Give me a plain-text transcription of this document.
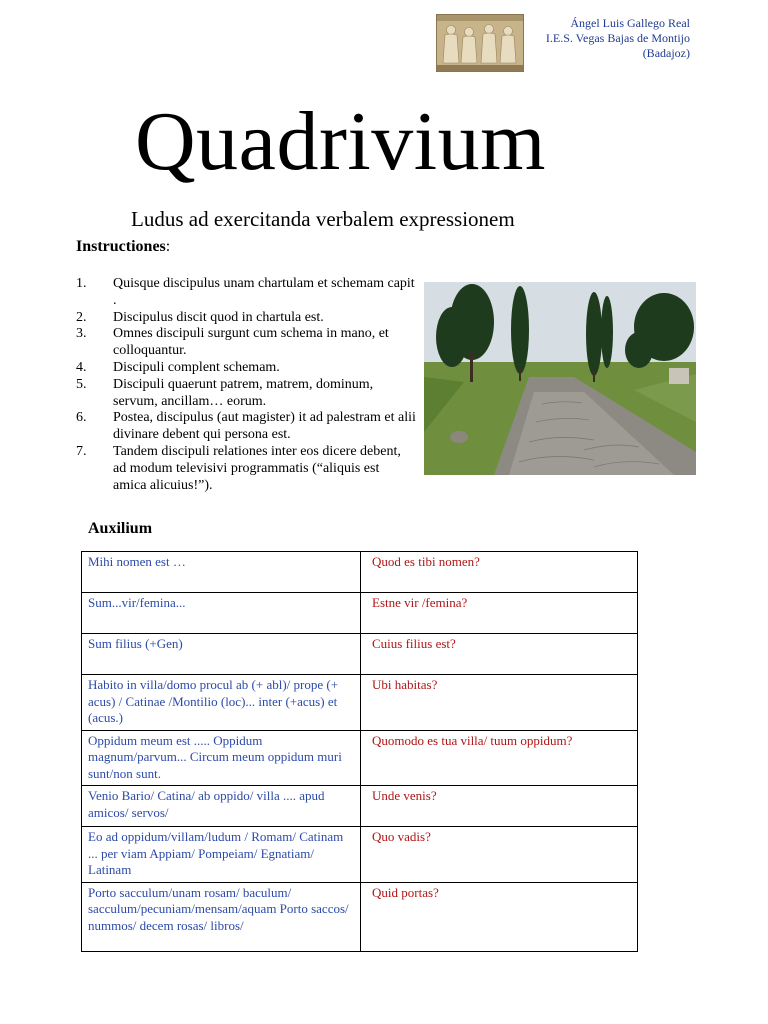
Ángel Luis Gallego Real
I.E.S. Vegas Bajas de Montijo
(Badajoz)
Quadrivium
Ludus ad exercitanda verbalem expressionem
Instructiones:
1.	Quisque discipulus unam chartulam et schemam capit .
2.	Discipulus discit quod in chartula est.
3.	Omnes discipuli surgunt cum schema in mano, et colloquantur.
4.	Discipuli complent schemam.
5.	Discipuli quaerunt patrem, matrem, dominum, servum, ancillam… eorum.
6.	Postea, discipulus (aut magister) it ad palestram et alii divinare debent qui persona est.
7.	Tandem discipuli relationes inter eos dicere debent, ad modum televisivi programmatis (“aliquis est amica alicuius!”).
Auxilium
Mihi nomen est …	Quod es tibi nomen?
Sum...vir/femina...	Estne vir /femina?
Sum filius (+Gen)	Cuius filius est?
Habito in villa/domo procul ab (+ abl)/ prope (+ acus) / Catinae /Montilio (loc)... inter (+acus) et (acus.)	Ubi habitas?
Oppidum meum est ..... Oppidum magnum/parvum... Circum meum oppidum muri sunt/non sunt.	Quomodo es tua villa/ tuum oppidum?
Venio Bario/ Catina/ ab oppido/ villa .... apud amicos/ servos/	Unde venis?
Eo ad oppidum/villam/ludum / Romam/ Catinam ... per viam Appiam/ Pompeiam/ Egnatiam/ Latinam	Quo vadis?
Porto sacculum/unam rosam/ baculum/ sacculum/pecuniam/mensam/aquam Porto saccos/ nummos/ decem rosas/ libros/	Quid portas?
